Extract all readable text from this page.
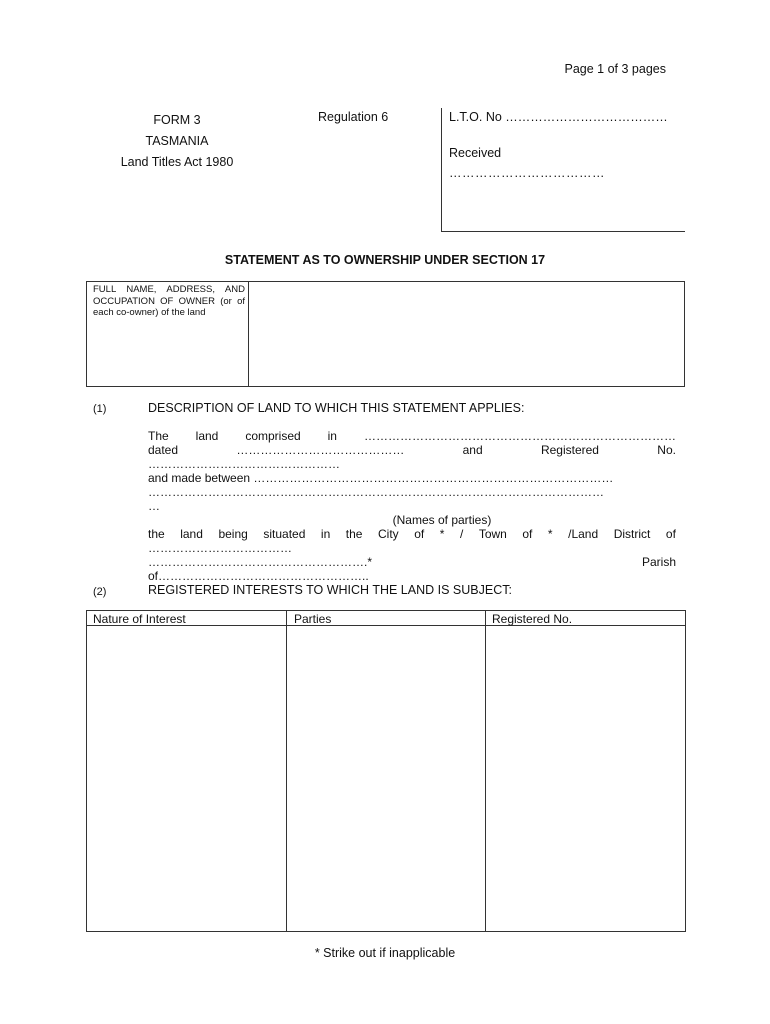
Page 1 of 3 pages
FORM 3
TASMANIA
Land Titles Act 1980
Regulation 6	L.T.O. No …………………………………
Received
………………………………
STATEMENT AS TO OWNERSHIP UNDER SECTION 17
FULL NAME, ADDRESS, AND OCCUPATION OF OWNER (or of each co-owner) of the land
(1)	DESCRIPTION OF LAND TO WHICH THIS STATEMENT APPLIES:
The land comprised in ……………………………………………………………………
dated	……………………………………	and	Registered	No.
…………………………………………
and made between ………………………………………………………………………………
……………………………………………………………………………………………………
…
(Names of parties)
the land being situated in the City of * / Town of * /Land District of
………………………………
……………………………………………….*	Parish
of……………………………………………..
(2)	REGISTERED INTERESTS TO WHICH THE LAND IS SUBJECT:
Nature of Interest	Parties	Registered No.
* Strike out if inapplicable
